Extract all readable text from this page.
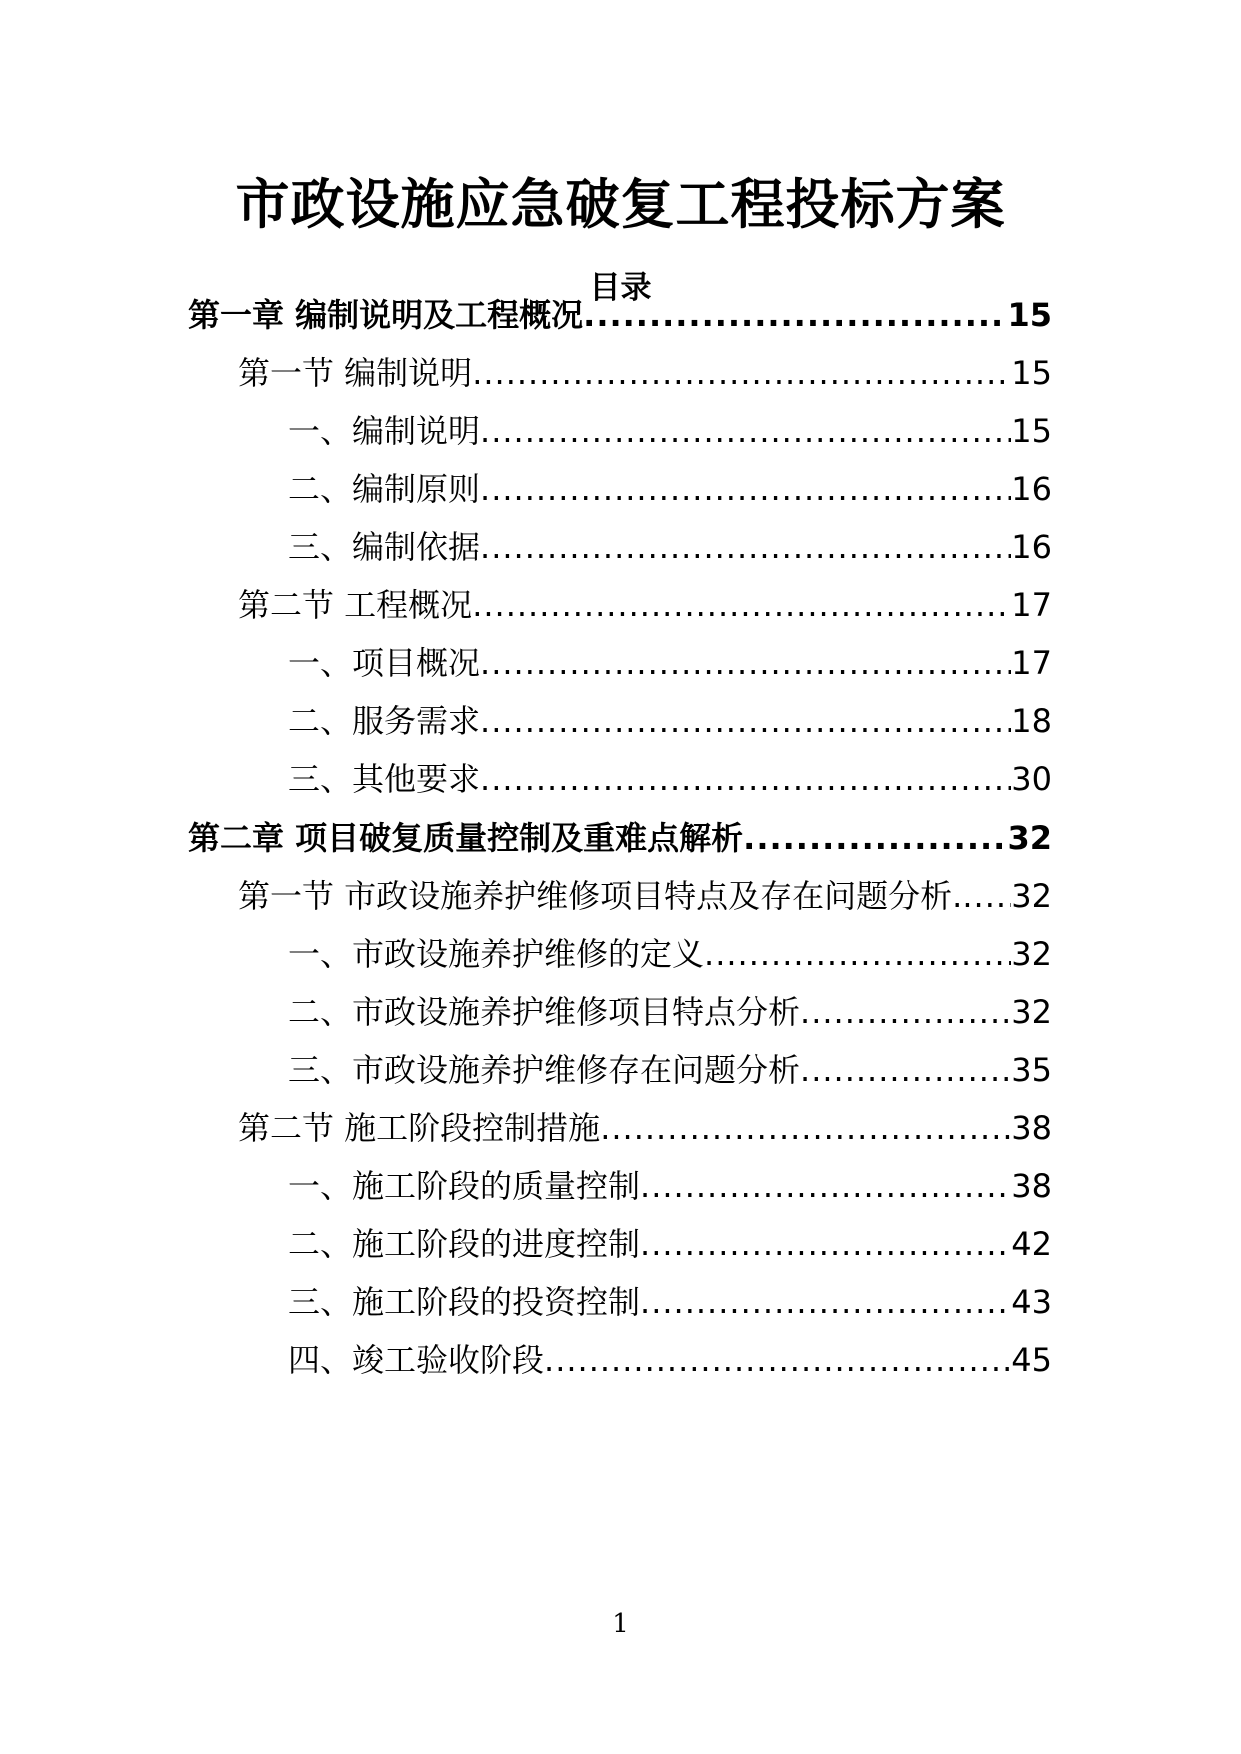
市政设施应急破复工程投标方案
目录
第一章 编制说明及工程概况 .....	15
第一节 编制说明 .....	15
一、编制说明 .....	15
二、编制原则 .....	16
三、编制依据 .....	16
第二节 工程概况 .....	17
一、项目概况 .....	17
二、服务需求 .....	18
三、其他要求 .....	30
第二章 项目破复质量控制及重难点解析 .....	32
第一节 市政设施养护维修项目特点及存在问题分析. ..... 32
一、市政设施养护维修的定义 .....	32
二、市政设施养护维修项目特点分析 .....	32
三、市政设施养护维修存在问题分析 .....	35
第二节 施工阶段控制措施 .....	38
一、施工阶段的质量控制 .....	38
二、施工阶段的进度控制 .....	42
三、施工阶段的投资控制 .....	43
四、竣工验收阶段 .....	45
1
